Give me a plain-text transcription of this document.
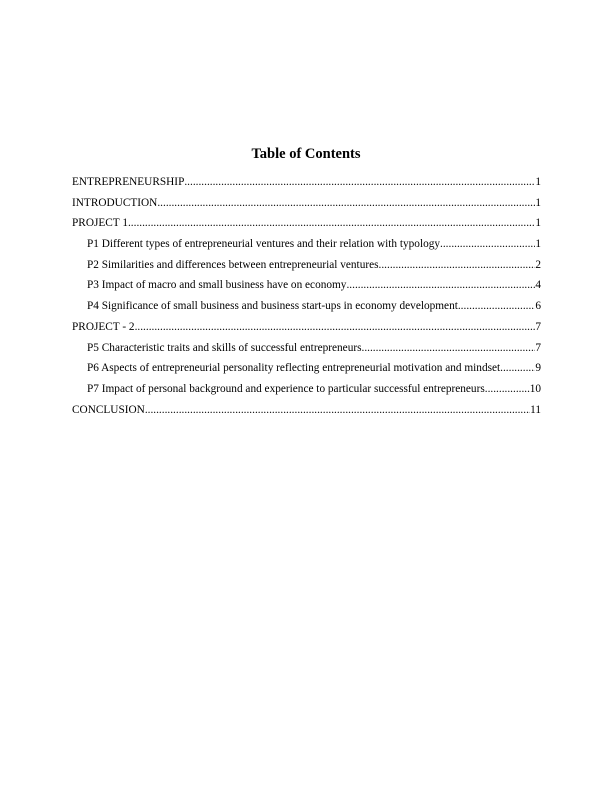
Table of Contents
ENTREPRENEURSHIP .....	1
INTRODUCTION .....	1
PROJECT 1 .....	1
P1 Different types of entrepreneurial ventures and their relation with typology .....	1
P2 Similarities and differences between entrepreneurial ventures .....	2
P3 Impact of macro and small business have on economy .....	4
P4 Significance of small business and business start-ups in economy development .....	6
PROJECT - 2 .....	7
P5 Characteristic traits and skills of successful entrepreneurs .....	7
P6 Aspects of entrepreneurial personality reflecting entrepreneurial motivation and mindset .....	9
P7 Impact of personal background and experience to particular successful entrepreneurs .....	10
CONCLUSION .....	11
